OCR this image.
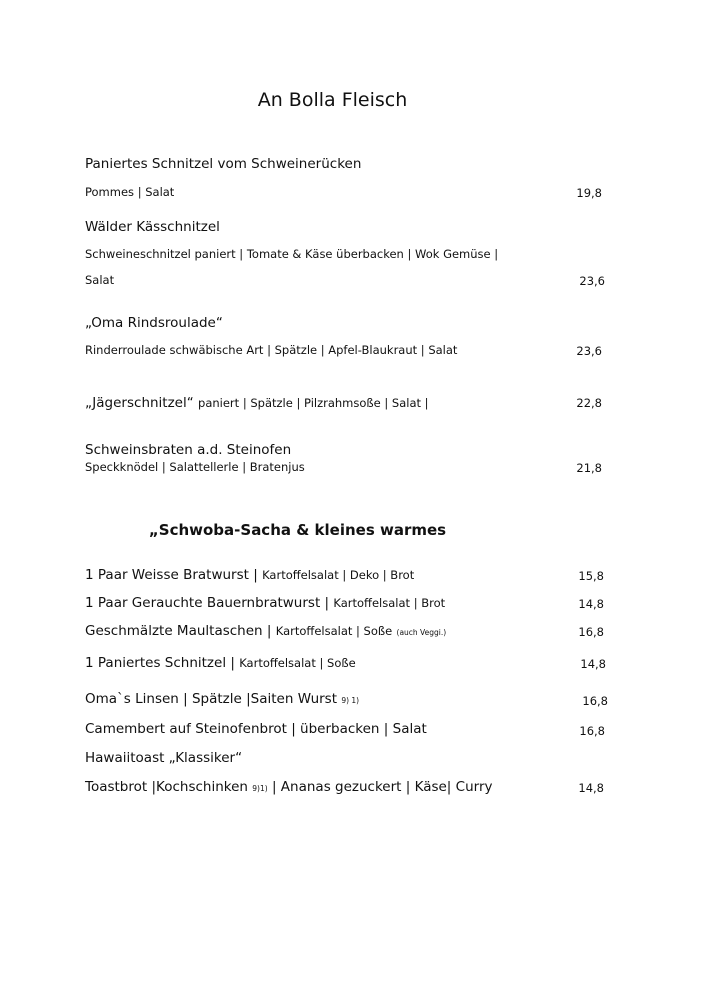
An Bolla Fleisch
Paniertes Schnitzel vom Schweinerücken
Pommes | Salat	19,8
Wälder Kässchnitzel
Schweineschnitzel paniert | Tomate & Käse überbacken | Wok Gemüse |
Salat	23,6
„Oma Rindsroulade“
Rinderroulade schwäbische Art | Spätzle | Apfel-Blaukraut | Salat	23,6
„Jägerschnitzel“ paniert | Spätzle | Pilzrahmsoße | Salat |	22,8
Schweinsbraten a.d. Steinofen
Speckknödel | Salattellerle | Bratenjus	21,8
„Schwoba-Sacha & kleines warmes
1 Paar Weisse Bratwurst | Kartoffelsalat | Deko | Brot	15,8
1 Paar Gerauchte Bauernbratwurst | Kartoffelsalat | Brot	14,8
Geschmälzte Maultaschen | Kartoffelsalat | Soße (auch Veggi.)	16,8
1 Paniertes Schnitzel | Kartoffelsalat | Soße	14,8
Oma`s Linsen | Spätzle |Saiten Wurst 9) 1)	16,8
Camembert auf Steinofenbrot | überbacken | Salat	16,8
Hawaiitoast „Klassiker“
Toastbrot |Kochschinken 9)1) | Ananas gezuckert | Käse| Curry	14,8
